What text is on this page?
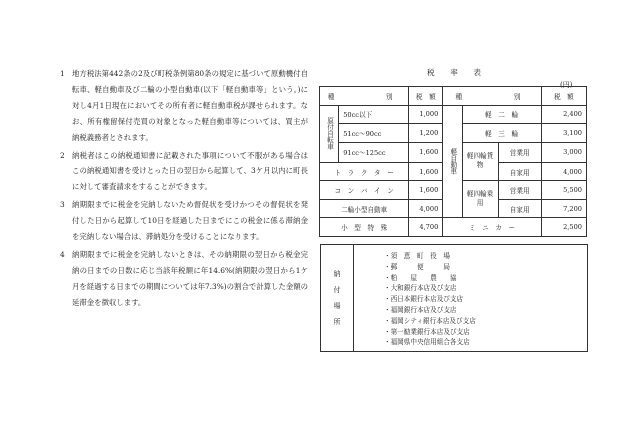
1 地方税法第442条の2及び町税条例第80条の規定に基づいて原動機付自転車、軽自動車及び二輪の小型自動車(以下「軽自動車等」という。)に対し4月1日現在においてその所有者に軽自動車税が課せられます。なお、所有権留保付売買の対象となった軽自動車等については、買主が納税義務者とされます。
2 納税者はこの納税通知書に記載された事項について不服がある場合はこの納税通知書を受けとった日の翌日から起算して、3ケ月以内に町長に対して審査請求をすることができます。
3 納期限までに税金を完納しないため督促状を受けかつその督促状を発付した日から起算して10日を経過した日までにこの税金に係る滞納金を完納しない場合は、滞納処分を受けることになります。
4 納期限までに税金を完納しないときは、その納期限の翌日から税金完納の日までの日数に応じ当該年税額に年14.6%(納期限の翌日から1ケ月を経過する日までの期間については年7.3%)の割合で計算した金額の延滞金を徴収します。
税　率　表
(円)
種　　　別		税　額	種　　　別			税　額
原付自転車	50cc以下	1,000	軽自動車	軽　二　輪		2,400
	51cc〜90cc	1,200		軽　三　輪		3,100
	91cc〜125cc	1,600		軽四輪貨物	営業用	3,000
ト　ラ　ク　タ　ー		1,600			自家用	4,000
コ　ン　バ　イ　ン		1,600		軽四輪乗用	営業用	5,500
二輪小型自動車		4,000			自家用	7,200
小　型　特　殊		4,700	ミ　ニ　カ　ー			2,500
納
付
場
所
・須　恵　町　役　場
・郵　　　便　　　局
・粕　　屋　　農　　協
・大和銀行本店及び支店
・西日本銀行本店及び支店
・福岡銀行本店及び支店
・福岡シティ銀行本店及び支店
・第一勧業銀行本店及び支店
・福岡県中央信用組合各支店
